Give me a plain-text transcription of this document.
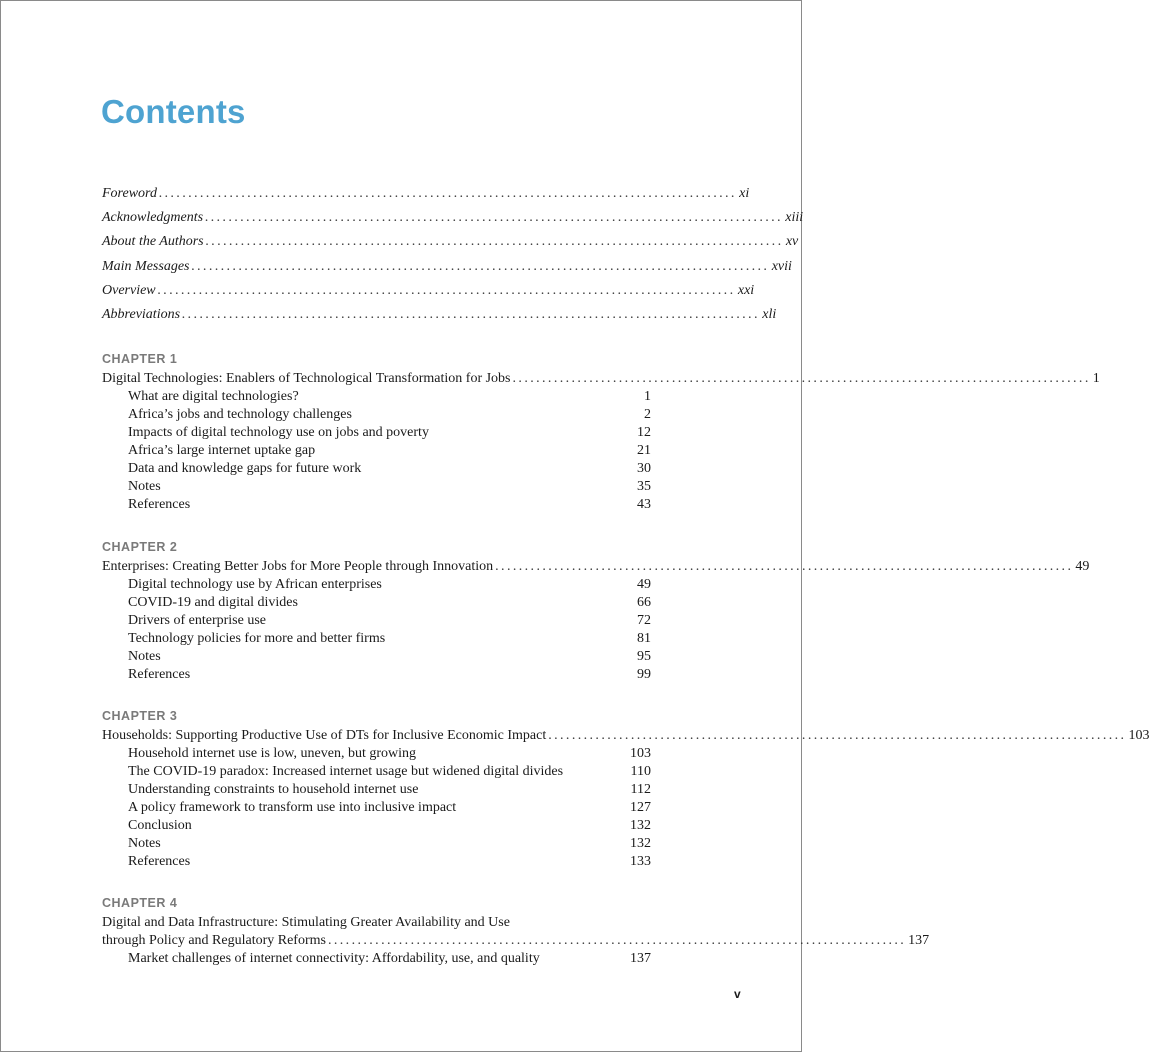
Contents
Foreword .................................................................................................. xi
Acknowledgments .................................................................................................. xiii
About the Authors .................................................................................................. xv
Main Messages .................................................................................................. xvii
Overview .................................................................................................. xxi
Abbreviations .................................................................................................. xli
CHAPTER 1
Digital Technologies: Enablers of Technological Transformation for Jobs .................................................................................................. 1
What are digital technologies?	1
Africa’s jobs and technology challenges	2
Impacts of digital technology use on jobs and poverty	12
Africa’s large internet uptake gap	21
Data and knowledge gaps for future work	30
Notes	35
References	43
CHAPTER 2
Enterprises: Creating Better Jobs for More People through Innovation .................................................................................................. 49
Digital technology use by African enterprises	49
COVID-19 and digital divides	66
Drivers of enterprise use	72
Technology policies for more and better firms	81
Notes	95
References	99
CHAPTER 3
Households: Supporting Productive Use of DTs for Inclusive Economic Impact .................................................................................................. 103
Household internet use is low, uneven, but growing	103
The COVID-19 paradox: Increased internet usage but widened digital divides	110
Understanding constraints to household internet use	112
A policy framework to transform use into inclusive impact	127
Conclusion	132
Notes	132
References	133
CHAPTER 4
Digital and Data Infrastructure: Stimulating Greater Availability and Use
through Policy and Regulatory Reforms .................................................................................................. 137
Market challenges of internet connectivity: Affordability, use, and quality	137
v
